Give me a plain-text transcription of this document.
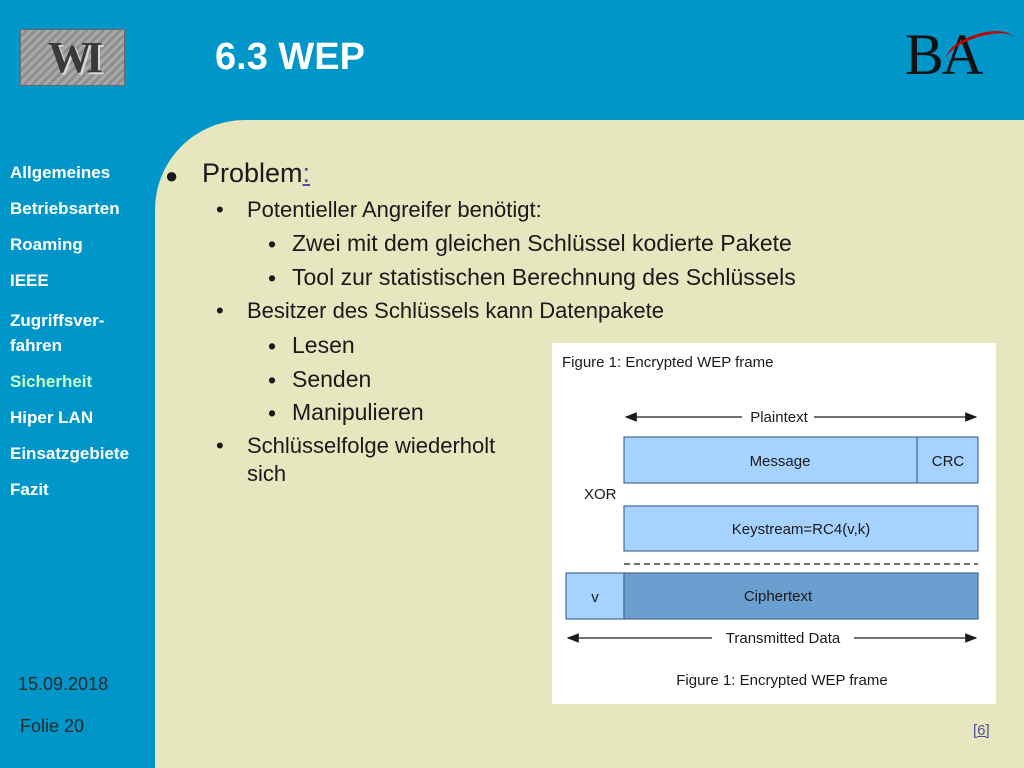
WI	6.3 WEP	BA
Allgemeines
Betriebsarten
Roaming
IEEE
Zugriffsver-
fahren
Sicherheit
Hiper LAN
Einsatzgebiete
Fazit
● Problem:
• Potentieller Angreifer benötigt:
• Zwei mit dem gleichen Schlüssel kodierte Pakete
• Tool zur statistischen Berechnung des Schlüssels
• Besitzer des Schlüssels kann Datenpakete
• Lesen
• Senden
• Manipulieren
• Schlüsselfolge wiederholt
sich
Figure 1: Encrypted WEP frame
Plaintext
Message	CRC
XOR
Keystream=RC4(v,k)
v	Ciphertext
Transmitted Data
Figure 1: Encrypted WEP frame
15.09.2018
Folie 20	[6]
